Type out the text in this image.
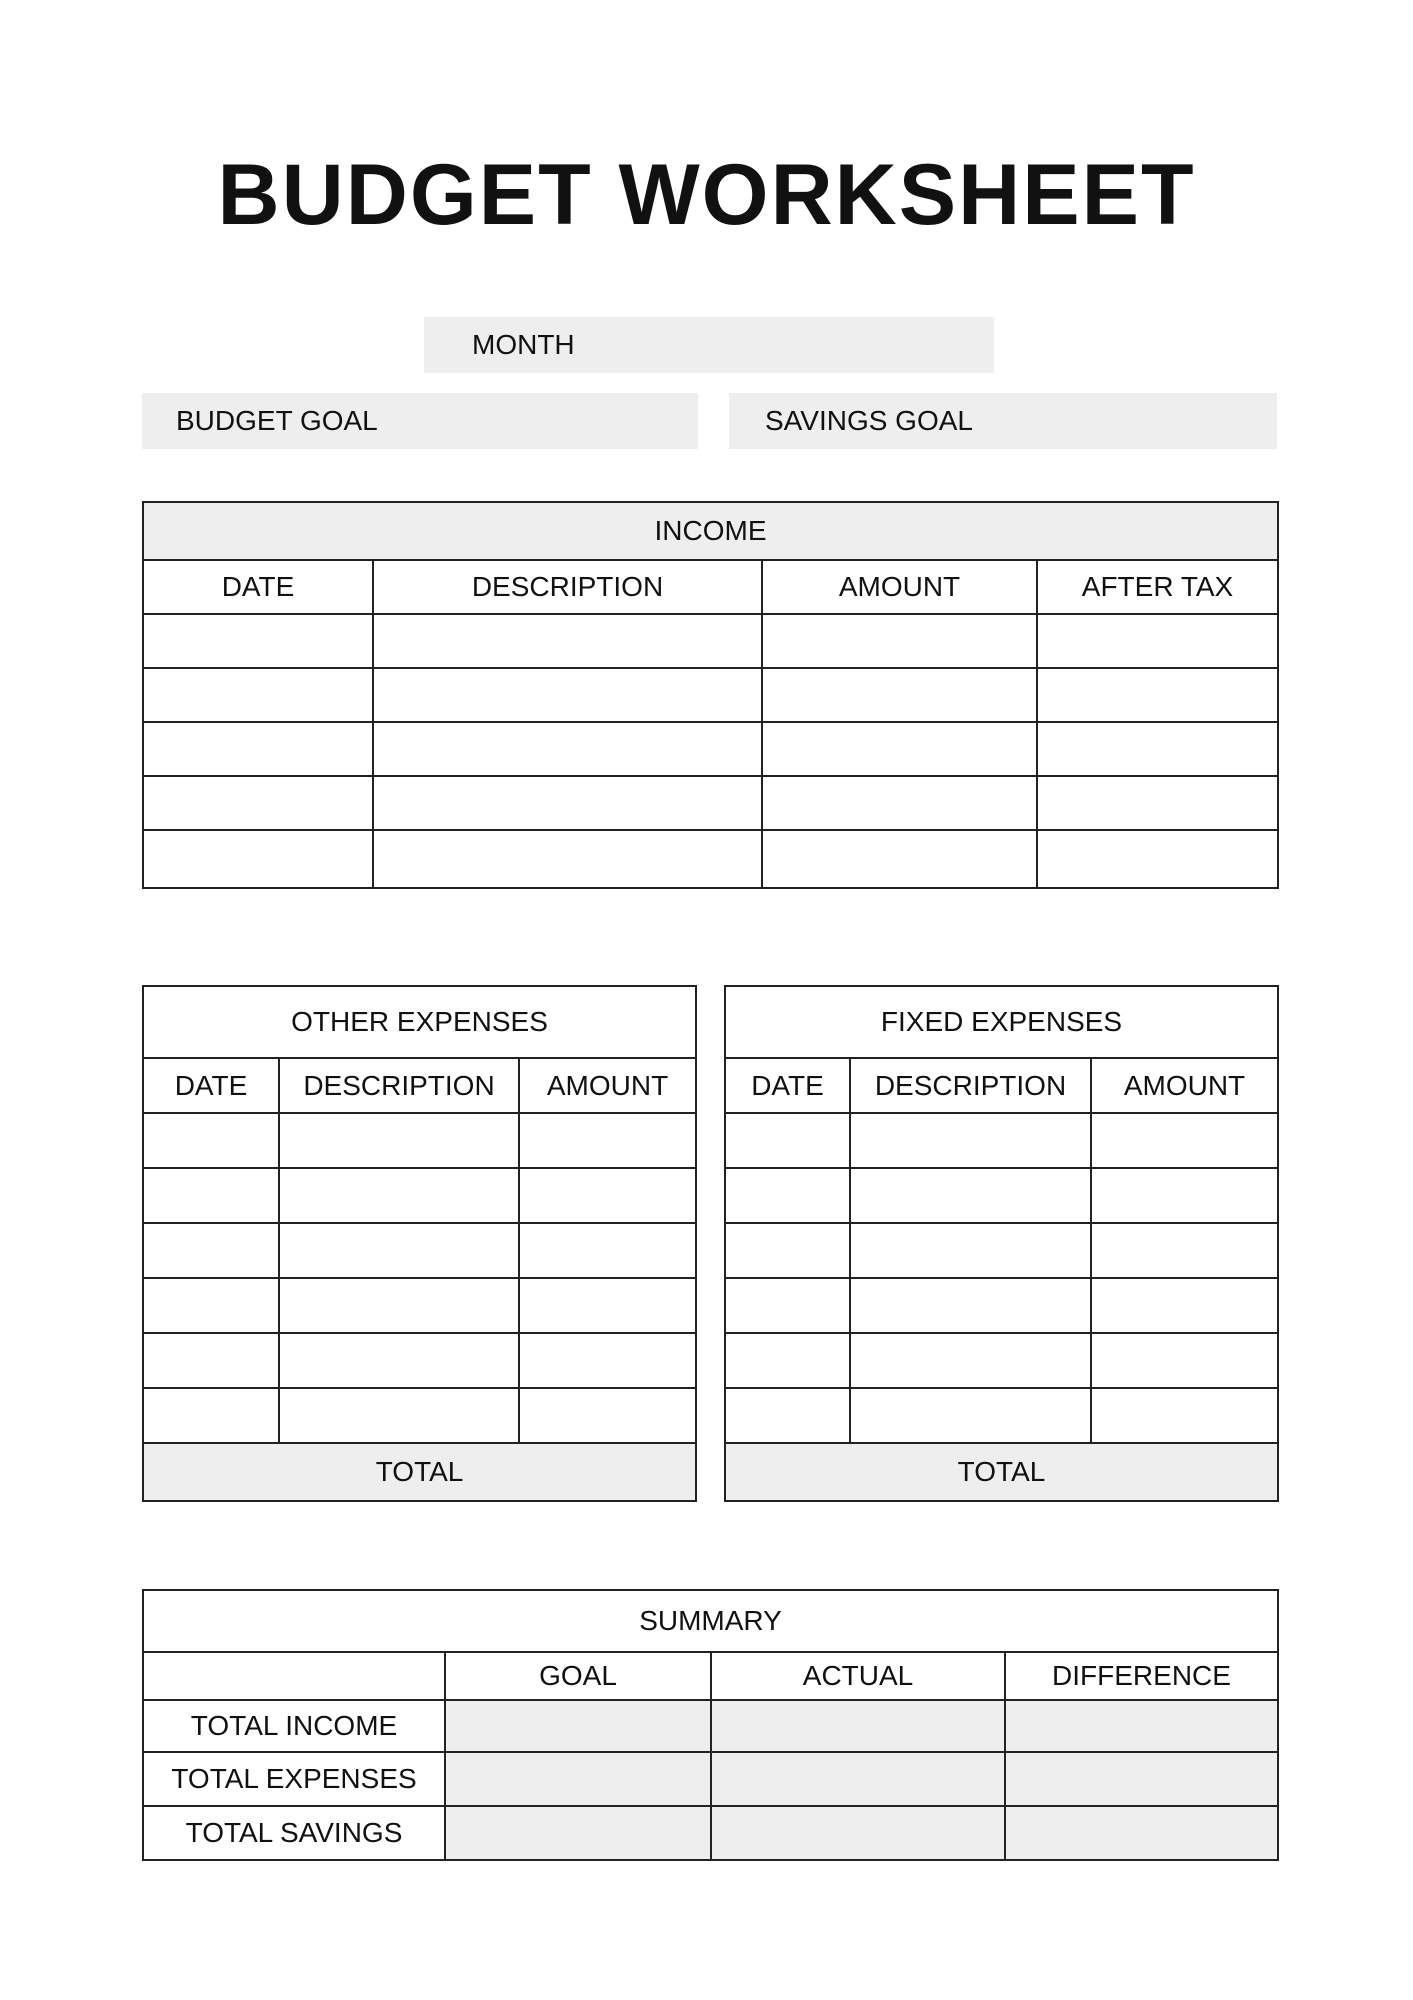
BUDGET WORKSHEET
MONTH
BUDGET GOAL	SAVINGS GOAL
INCOME			
DATE	DESCRIPTION	AMOUNT	AFTER TAX

OTHER EXPENSES		
DATE	DESCRIPTION	AMOUNT

TOTAL		
FIXED EXPENSES		
DATE	DESCRIPTION	AMOUNT

TOTAL		
SUMMARY			
	GOAL	ACTUAL	DIFFERENCE
TOTAL INCOME			
TOTAL EXPENSES			
TOTAL SAVINGS			
